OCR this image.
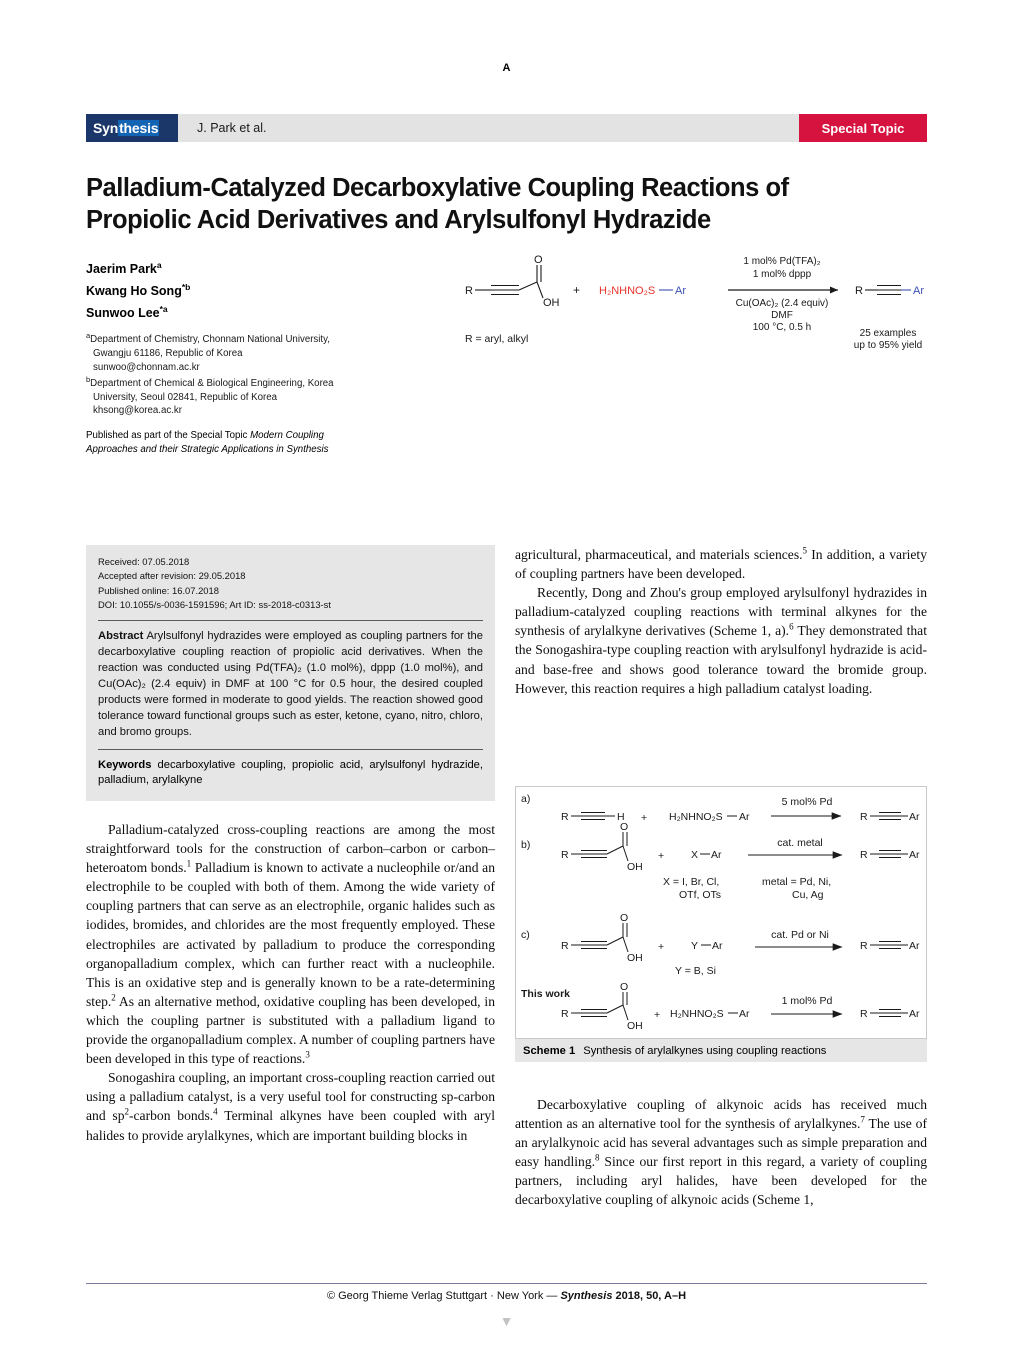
A
Syn thesis	J. Park et al.	Special Topic
Palladium-Catalyzed Decarboxylative Coupling Reactions of Propiolic Acid Derivatives and Arylsulfonyl Hydrazide
Jaerim Park$^a$
Kwang Ho Song$^{*b}$
Sunwoo Lee$^{*a}$
$^a$Department of Chemistry, Chonnam National University,
Gwangju 61186, Republic of Korea
sunwoo@chonnam.ac.kr
$^b$Department of Chemical & Biological Engineering, Korea
University, Seoul 02841, Republic of Korea
khsong@korea.ac.kr
Published as part of the Special Topic Modern Coupling Approaches and their Strategic Applications in Synthesis
R
O
OH
+ H₂NHNO₂S Ar
1 mol% Pd(TFA)₂
1 mol% dppp
Cu(OAc)₂ (2.4 equiv)
DMF
100 °C, 0.5 h
R	Ar
R = aryl, alkyl	25 examples
up to 95% yield
Received: 07.05.2018
Accepted after revision: 29.05.2018
Published online: 16.07.2018
DOI: 10.1055/s-0036-1591596; Art ID: ss-2018-c0313-st
Abstract Arylsulfonyl hydrazides were employed as coupling partners for the decarboxylative coupling reaction of propiolic acid derivatives. When the reaction was conducted using Pd(TFA)₂ (1.0 mol%), dppp (1.0 mol%), and Cu(OAc)₂ (2.4 equiv) in DMF at 100 °C for 0.5 hour, the desired coupled products were formed in moderate to good yields. The reaction showed good tolerance toward functional groups such as ester, ketone, cyano, nitro, chloro, and bromo groups.
Keywords decarboxylative coupling, propiolic acid, arylsulfonyl hydrazide, palladium, arylalkyne

Palladium-catalyzed cross-coupling reactions are among the most straightforward tools for the construction of carbon–carbon or carbon–heteroatom bonds.$^1$ Palladium is known to activate a nucleophile or/and an electrophile to be coupled with both of them. Among the wide variety of coupling partners that can serve as an electrophile, organic halides such as iodides, bromides, and chlorides are the most frequently employed. These electrophiles are activated by palladium to produce the corresponding organopalladium complex, which can further react with a nucleophile. This is an oxidative step and is generally known to be a rate-determining step.$^2$ As an alternative method, oxidative coupling has been developed, in which the coupling partner is substituted with a palladium ligand to provide the organopalladium complex. A number of coupling partners have been developed in this type of reactions.$^3$

Sonogashira coupling, an important cross-coupling reaction carried out using a palladium catalyst, is a very useful tool for constructing sp-carbon and $sp^2$-carbon bonds.$^4$ Terminal alkynes have been coupled with aryl halides to provide arylalkynes, which are important building blocks in

agricultural, pharmaceutical, and materials sciences.$^5$ In addition, a variety of coupling partners have been developed.

Recently, Dong and Zhou's group employed arylsulfonyl hydrazides in palladium-catalyzed coupling reactions with terminal alkynes for the synthesis of arylalkyne derivatives (Scheme 1, a).$^6$ They demonstrated that the Sonogashira-type coupling reaction with arylsulfonyl hydrazide is acid- and base-free and shows good tolerance toward the bromide group. However, this reaction requires a high palladium catalyst loading.

a)
R	H + H₂NHNO₂S Ar
5 mol% Pd
R	Ar
b)
R
O
OH
+	X Ar
X = I, Br, Cl,
OTf, OTs
cat. metal
metal = Pd, Ni,
Cu, Ag
R	Ar
c)
R
O
OH
+	Y Ar
Y = B, Si
cat. Pd or Ni
R	Ar
This work
R
O
OH
+ H₂NHNO₂S Ar
1 mol% Pd
R	Ar
Scheme 1 Synthesis of arylalkynes using coupling reactions

Decarboxylative coupling of alkynoic acids has received much attention as an alternative tool for the synthesis of arylalkynes.$^7$ The use of an arylalkynoic acid has several advantages such as simple preparation and easy handling.$^8$ Since our first report in this regard, a variety of coupling partners, including aryl halides, have been developed for the decarboxylative coupling of alkynoic acids (Scheme 1,

© Georg Thieme Verlag Stuttgart · New York — Synthesis 2018, 50, A–H
▼
